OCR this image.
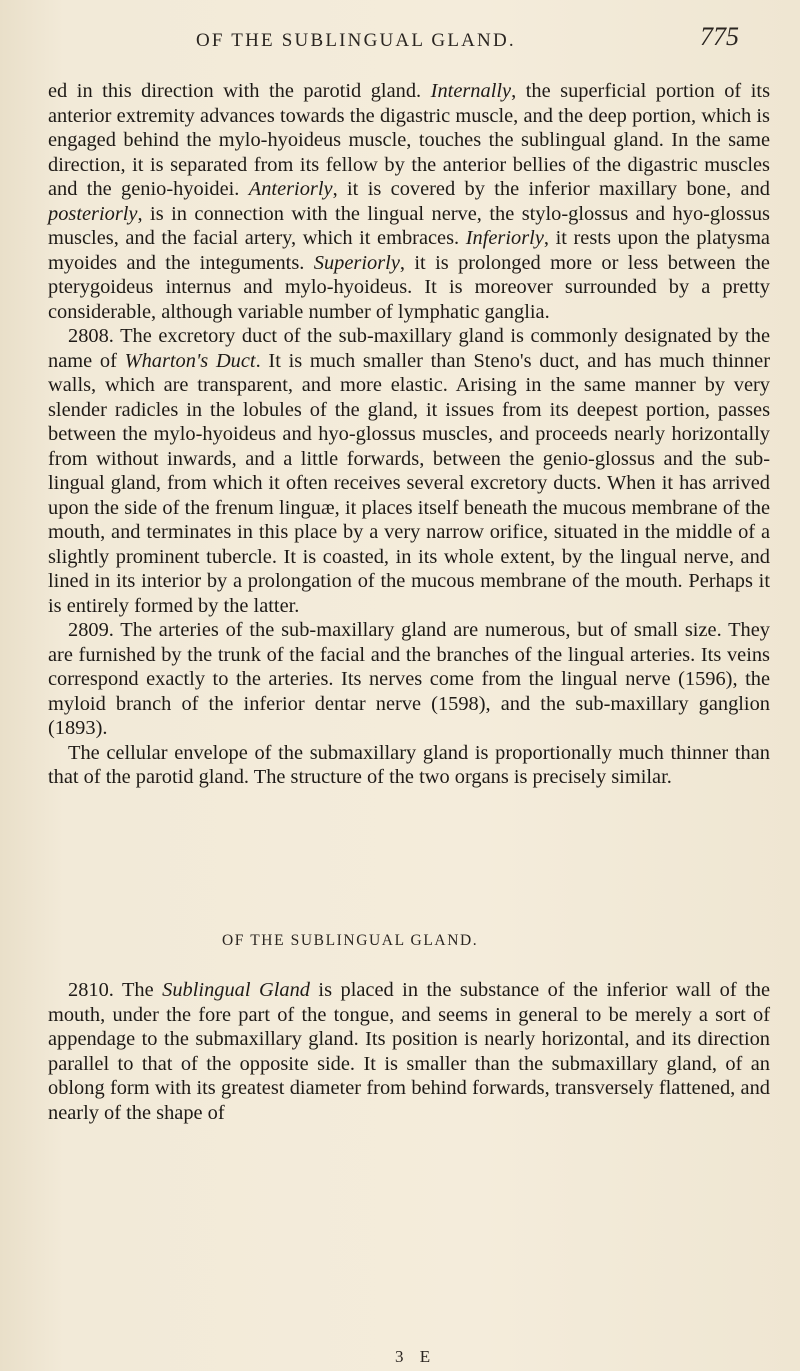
OF THE SUBLINGUAL GLAND.	775

ed in this direction with the parotid gland. Internally, the superficial portion of its anterior extremity advances towards the digastric muscle, and the deep portion, which is engaged behind the mylo-hyoideus muscle, touches the sublingual gland. In the same direction, it is separated from its fellow by the anterior bellies of the digastric muscles and the genio-hyoidei. Anteriorly, it is covered by the inferior maxillary bone, and posteriorly, is in connection with the lingual nerve, the stylo-glossus and hyo-glossus muscles, and the facial artery, which it embraces. Inferiorly, it rests upon the platysma myoides and the integuments. Superiorly, it is prolonged more or less between the pterygoideus internus and mylo-hyoideus. It is moreover surrounded by a pretty considerable, although variable number of lymphatic ganglia.

2808. The excretory duct of the sub-maxillary gland is commonly designated by the name of Wharton's Duct. It is much smaller than Steno's duct, and has much thinner walls, which are transparent, and more elastic. Arising in the same manner by very slender radicles in the lobules of the gland, it issues from its deepest portion, passes between the mylo-hyoideus and hyo-glossus muscles, and proceeds nearly horizontally from without inwards, and a little forwards, between the genio-glossus and the sub-lingual gland, from which it often receives several excretory ducts. When it has arrived upon the side of the frenum linguæ, it places itself beneath the mucous membrane of the mouth, and terminates in this place by a very narrow orifice, situated in the middle of a slightly prominent tubercle. It is coasted, in its whole extent, by the lingual nerve, and lined in its interior by a prolongation of the mucous membrane of the mouth. Perhaps it is entirely formed by the latter.

2809. The arteries of the sub-maxillary gland are numerous, but of small size. They are furnished by the trunk of the facial and the branches of the lingual arteries. Its veins correspond exactly to the arteries. Its nerves come from the lingual nerve (1596), the myloid branch of the inferior dentar nerve (1598), and the sub-maxillary ganglion (1893).

The cellular envelope of the submaxillary gland is proportionally much thinner than that of the parotid gland. The structure of the two organs is precisely similar.

OF THE SUBLINGUAL GLAND.

2810. The Sublingual Gland is placed in the substance of the inferior wall of the mouth, under the fore part of the tongue, and seems in general to be merely a sort of appendage to the submaxillary gland. Its position is nearly horizontal, and its direction parallel to that of the opposite side. It is smaller than the submaxillary gland, of an oblong form with its greatest diameter from behind forwards, transversely flattened, and nearly of the shape of

3 E
